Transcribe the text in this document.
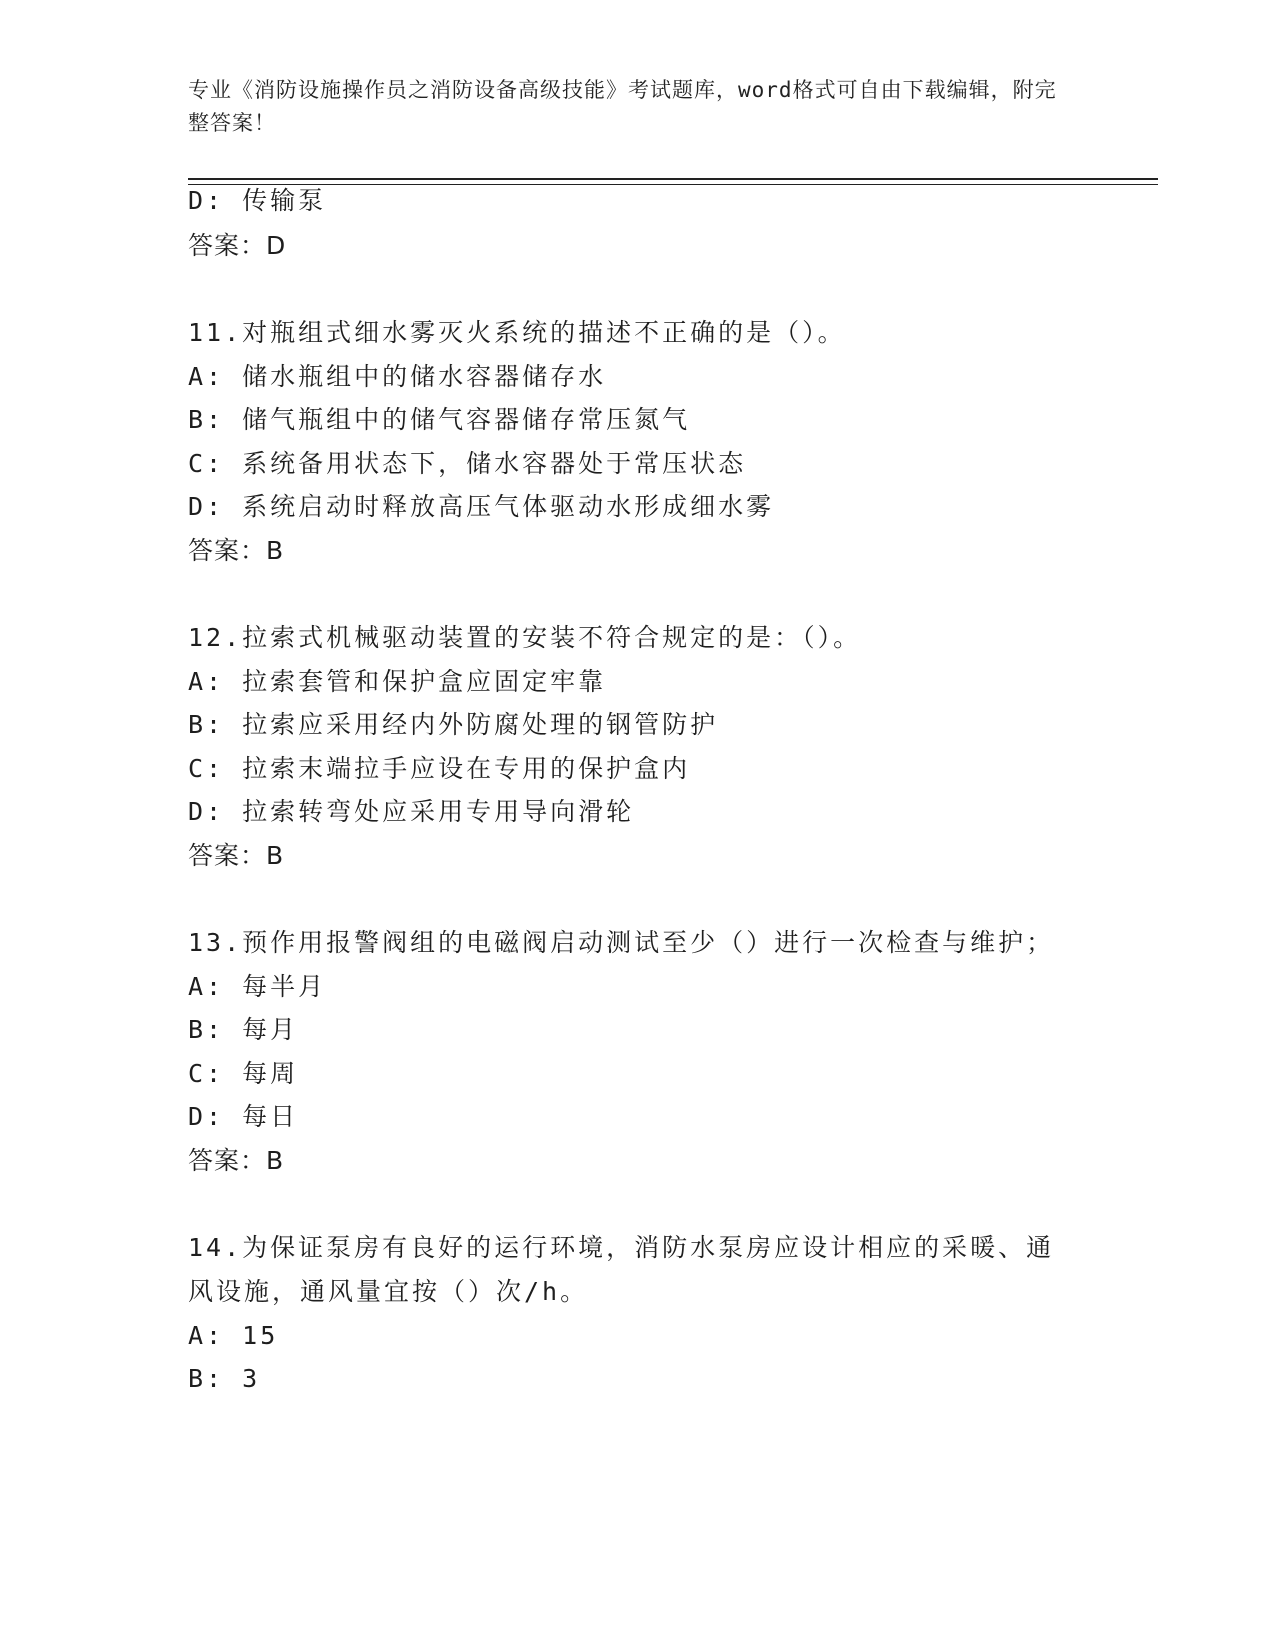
专业《消防设施操作员之消防设备高级技能》考试题库，word格式可自由下载编辑，附完整答案！
D: 传输泵
答案：D
11.对瓶组式细水雾灭火系统的描述不正确的是（）。
A: 储水瓶组中的储水容器储存水
B: 储气瓶组中的储气容器储存常压氮气
C: 系统备用状态下，储水容器处于常压状态
D: 系统启动时释放高压气体驱动水形成细水雾
答案：B
12.拉索式机械驱动装置的安装不符合规定的是：（）。
A: 拉索套管和保护盒应固定牢靠
B: 拉索应采用经内外防腐处理的钢管防护
C: 拉索末端拉手应设在专用的保护盒内
D: 拉索转弯处应采用专用导向滑轮
答案：B
13.预作用报警阀组的电磁阀启动测试至少（）进行一次检查与维护；
A: 每半月
B: 每月
C: 每周
D: 每日
答案：B
14.为保证泵房有良好的运行环境，消防水泵房应设计相应的采暖、通
风设施，通风量宜按（）次/h。
A: 15
B: 3
